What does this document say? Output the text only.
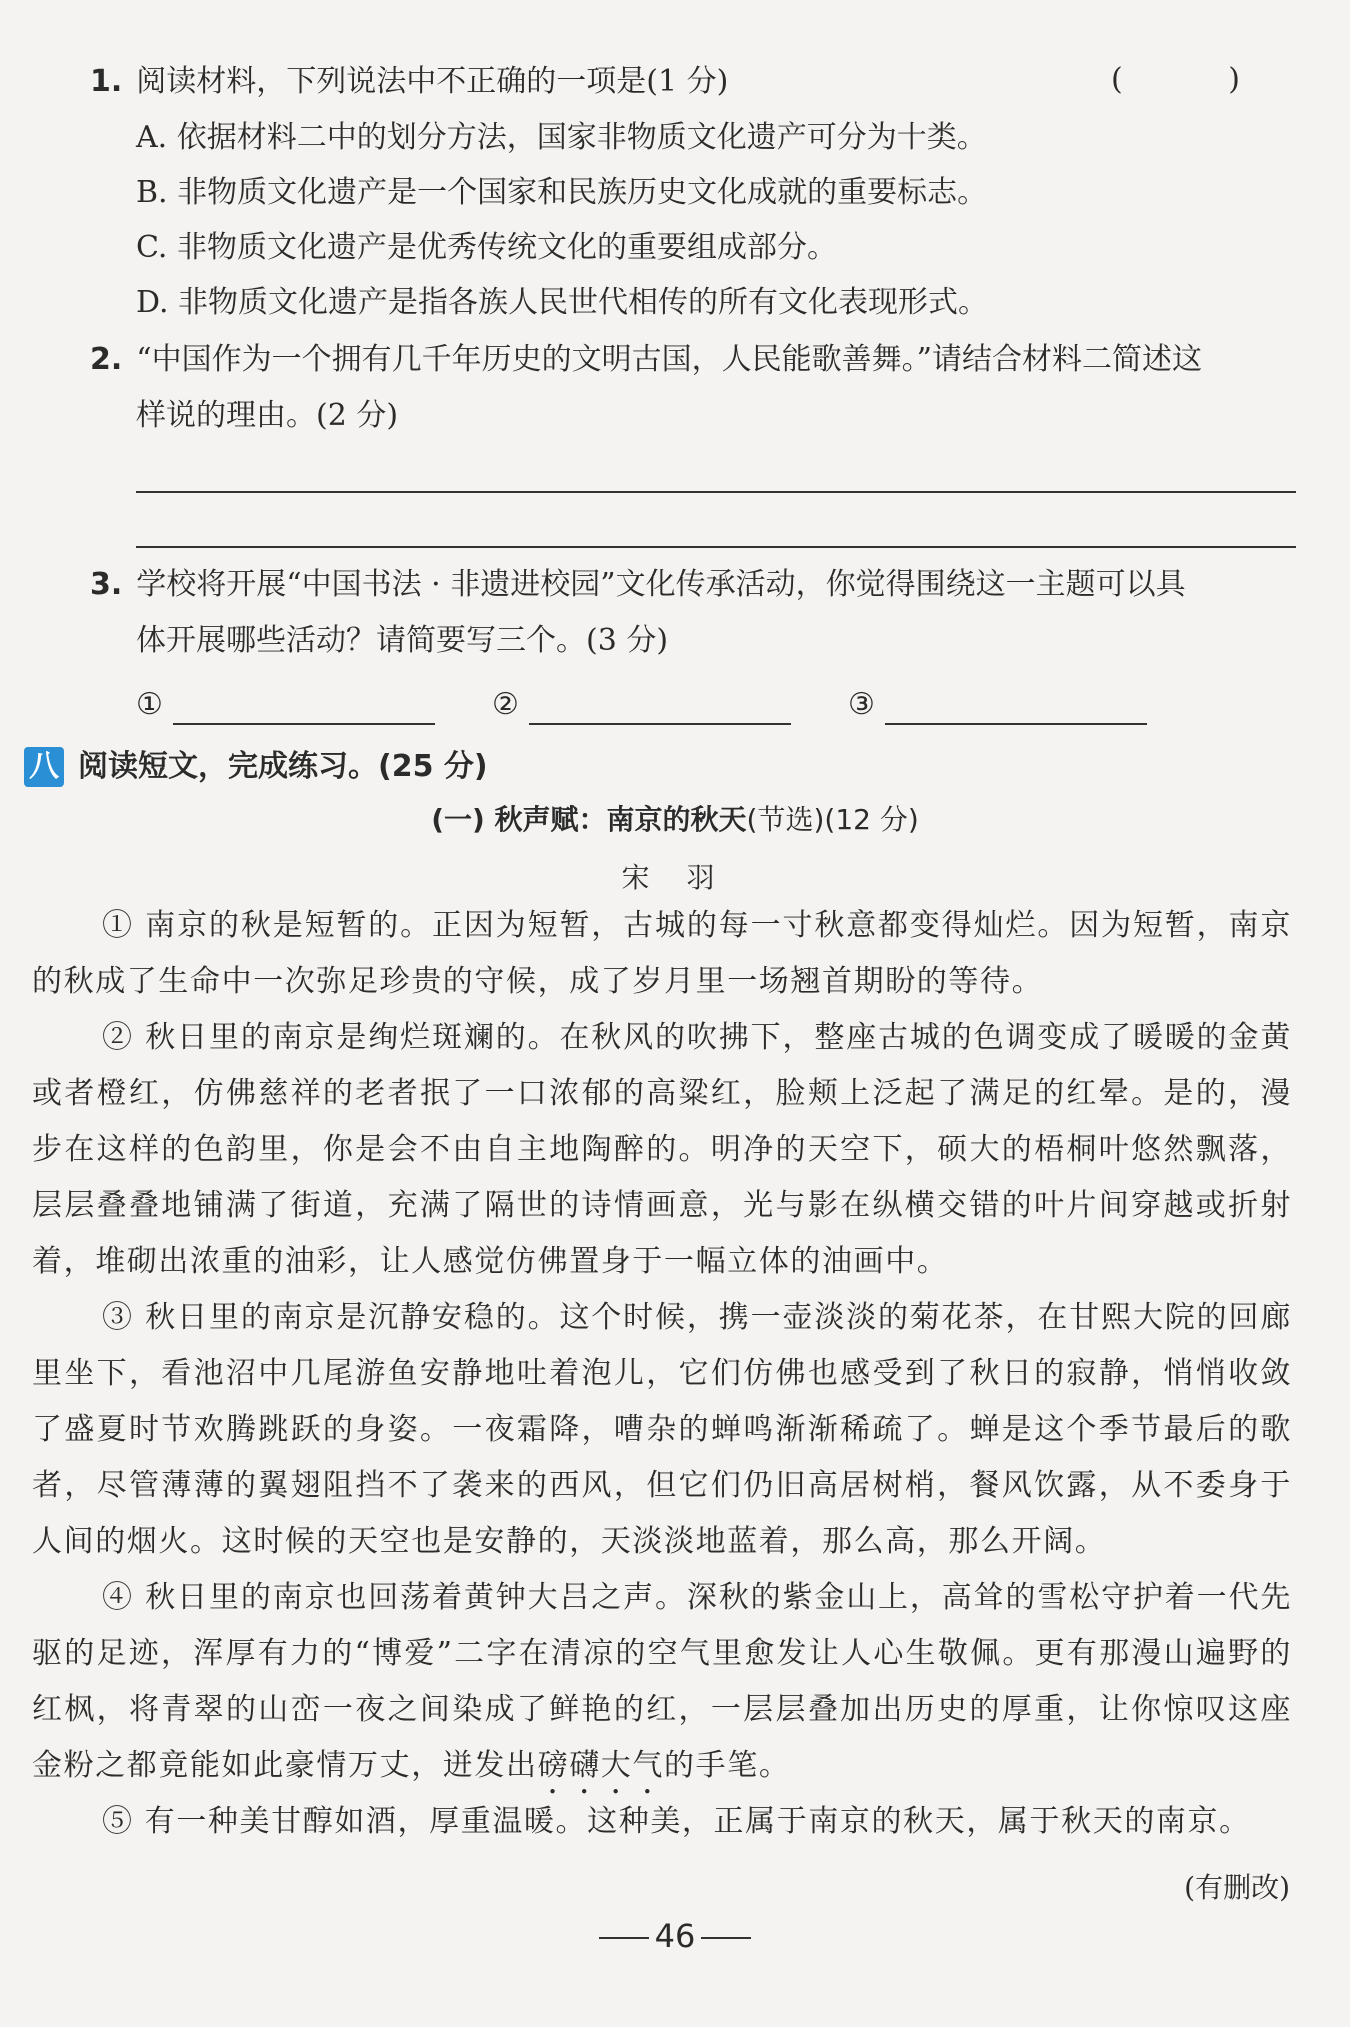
1. 阅读材料，下列说法中不正确的一项是(1 分)	( )
A. 依据材料二中的划分方法，国家非物质文化遗产可分为十类。
B. 非物质文化遗产是一个国家和民族历史文化成就的重要标志。
C. 非物质文化遗产是优秀传统文化的重要组成部分。
D. 非物质文化遗产是指各族人民世代相传的所有文化表现形式。
2. “中国作为一个拥有几千年历史的文明古国，人民能歌善舞。”请结合材料二简述这
样说的理由。(2 分)
3. 学校将开展“中国书法 · 非遗进校园”文化传承活动，你觉得围绕这一主题可以具
体开展哪些活动？请简要写三个。(3 分)
①	②	③
八 阅读短文，完成练习。(25 分)
(一) 秋声赋：南京的秋天(节选)(12 分)
宋 羽

① 南京的秋是短暂的。正因为短暂，古城的每一寸秋意都变得灿烂。因为短暂，南京的秋成了生命中一次弥足珍贵的守候，成了岁月里一场翘首期盼的等待。

② 秋日里的南京是绚烂斑斓的。在秋风的吹拂下，整座古城的色调变成了暖暖的金黄或者橙红，仿佛慈祥的老者抿了一口浓郁的高粱红，脸颊上泛起了满足的红晕。是的，漫步在这样的色韵里，你是会不由自主地陶醉的。明净的天空下，硕大的梧桐叶悠然飘落，层层叠叠地铺满了街道，充满了隔世的诗情画意，光与影在纵横交错的叶片间穿越或折射着，堆砌出浓重的油彩，让人感觉仿佛置身于一幅立体的油画中。

③ 秋日里的南京是沉静安稳的。这个时候，携一壶淡淡的菊花茶，在甘熙大院的回廊里坐下，看池沼中几尾游鱼安静地吐着泡儿，它们仿佛也感受到了秋日的寂静，悄悄收敛了盛夏时节欢腾跳跃的身姿。一夜霜降，嘈杂的蝉鸣渐渐稀疏了。蝉是这个季节最后的歌者，尽管薄薄的翼翅阻挡不了袭来的西风，但它们仍旧高居树梢，餐风饮露，从不委身于人间的烟火。这时候的天空也是安静的，天淡淡地蓝着，那么高，那么开阔。

④ 秋日里的南京也回荡着黄钟大吕之声。深秋的紫金山上，高耸的雪松守护着一代先驱的足迹，浑厚有力的“博爱”二字在清凉的空气里愈发让人心生敬佩。更有那漫山遍野的红枫，将青翠的山峦一夜之间染成了鲜艳的红，一层层叠加出历史的厚重，让你惊叹这座金粉之都竟能如此豪情万丈，迸发出磅礴大气的手笔。

⑤ 有一种美甘醇如酒，厚重温暖。这种美，正属于南京的秋天，属于秋天的南京。

(有删改)
46
